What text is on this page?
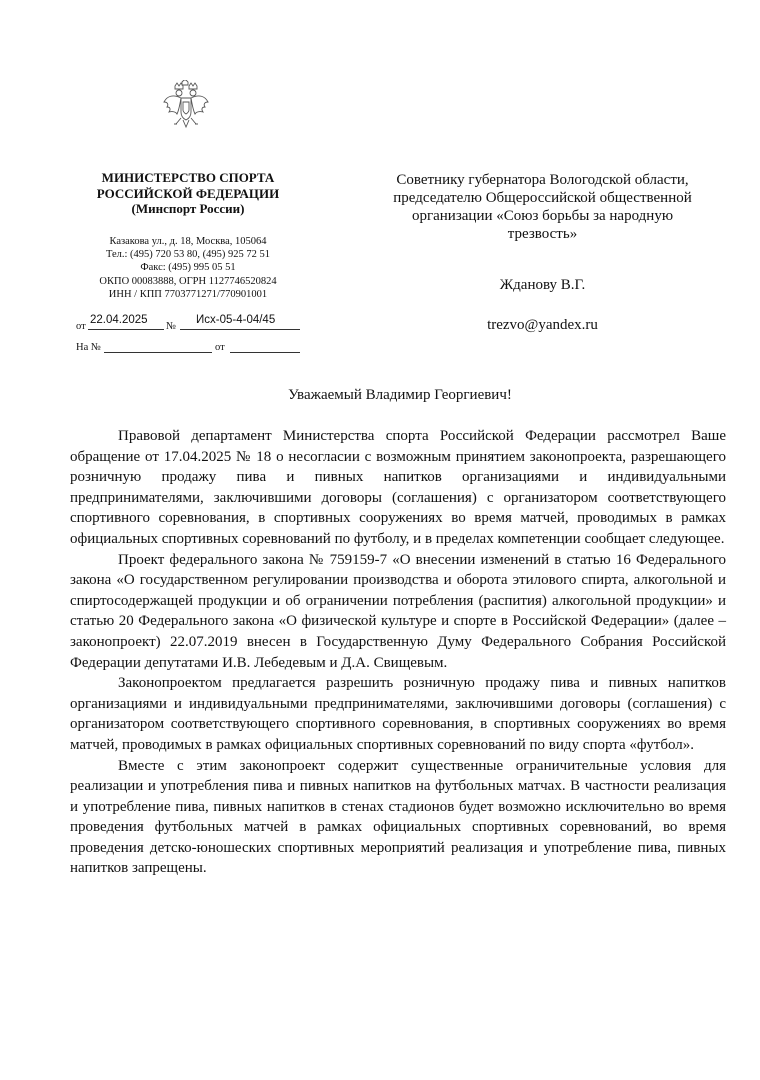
МИНИСТЕРСТВО СПОРТА
РОССИЙСКОЙ ФЕДЕРАЦИИ
(Минспорт России)
Казакова ул., д. 18, Москва, 105064
Тел.: (495) 720 53 80, (495) 925 72 51
Факс: (495) 995 05 51
ОКПО 00083888, ОГРН 1127746520824
ИНН / КПП 7703771271/770901001
от
22.04.2025
№
Исх-05-4-04/45
На №	от
Советнику губернатора Вологодской области,
председателю Общероссийской общественной
организации «Союз борьбы за народную
трезвость»
Жданову В.Г.
trezvo@yandex.ru
Уважаемый Владимир Георгиевич!

Правовой департамент Министерства спорта Российской Федерации рассмотрел Ваше обращение от 17.04.2025 № 18 о несогласии с возможным принятием законопроекта, разрешающего розничную продажу пива и пивных напитков организациями и индивидуальными предпринимателями, заключившими договоры (соглашения) с организатором соответствующего спортивного соревнования, в спортивных сооружениях во время матчей, проводимых в рамках официальных спортивных соревнований по футболу, и в пределах компетенции сообщает следующее.

Проект федерального закона № 759159-7 «О внесении изменений в статью 16 Федерального закона «О государственном регулировании производства и оборота этилового спирта, алкогольной и спиртосодержащей продукции и об ограничении потребления (распития) алкогольной продукции» и статью 20 Федерального закона «О физической культуре и спорте в Российской Федерации» (далее – законопроект) 22.07.2019 внесен в Государственную Думу Федерального Собрания Российской Федерации депутатами И.В. Лебедевым и Д.А. Свищевым.

Законопроектом предлагается разрешить розничную продажу пива и пивных напитков организациями и индивидуальными предпринимателями, заключившими договоры (соглашения) с организатором соответствующего спортивного соревнования, в спортивных сооружениях во время матчей, проводимых в рамках официальных спортивных соревнований по виду спорта «футбол».

Вместе с этим законопроект содержит существенные ограничительные условия для реализации и употребления пива и пивных напитков на футбольных матчах. В частности реализация и употребление пива, пивных напитков в стенах стадионов будет возможно исключительно во время проведения футбольных матчей в рамках официальных спортивных соревнований, во время проведения детско-юношеских спортивных мероприятий реализация и употребление пива, пивных напитков запрещены.
